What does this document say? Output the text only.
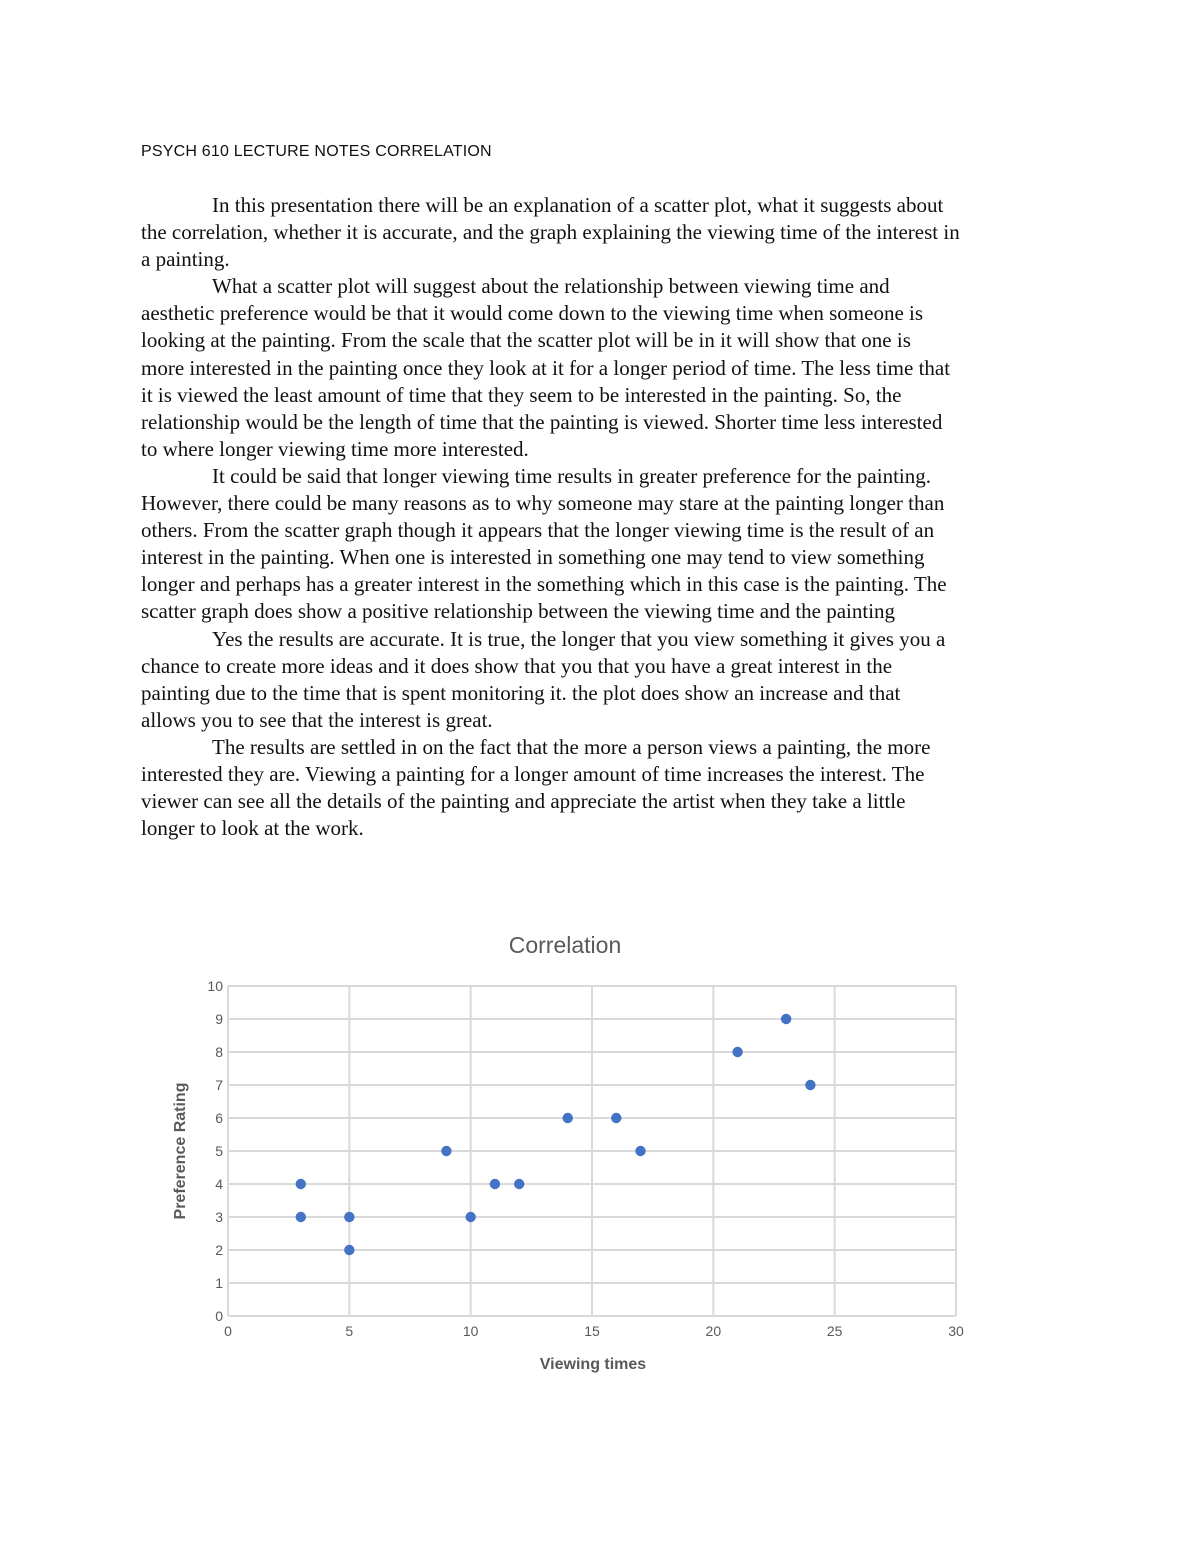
PSYCH 610 LECTURE NOTES CORRELATION
In this presentation there will be an explanation of a scatter plot, what it suggests about
the correlation, whether it is accurate, and the graph explaining the viewing time of the interest in
a painting.
What a scatter plot will suggest about the relationship between viewing time and
aesthetic preference would be that it would come down to the viewing time when someone is
looking at the painting. From the scale that the scatter plot will be in it will show that one is
more interested in the painting once they look at it for a longer period of time. The less time that
it is viewed the least amount of time that they seem to be interested in the painting. So, the
relationship would be the length of time that the painting is viewed. Shorter time less interested
to where longer viewing time more interested.
It could be said that longer viewing time results in greater preference for the painting.
However, there could be many reasons as to why someone may stare at the painting longer than
others. From the scatter graph though it appears that the longer viewing time is the result of an
interest in the painting. When one is interested in something one may tend to view something
longer and perhaps has a greater interest in the something which in this case is the painting. The
scatter graph does show a positive relationship between the viewing time and the painting
Yes the results are accurate. It is true, the longer that you view something it gives you a
chance to create more ideas and it does show that you that you have a great interest in the
painting due to the time that is spent monitoring it. the plot does show an increase and that
allows you to see that the interest is great.
The results are settled in on the fact that the more a person views a painting, the more
interested they are. Viewing a painting for a longer amount of time increases the interest. The
viewer can see all the details of the painting and appreciate the artist when they take a little
longer to look at the work.
Correlation
0
1
2
3
4
5
6
7
8
9
10
0	5	10	15	20	25	30
Viewing times
Preference Rating
